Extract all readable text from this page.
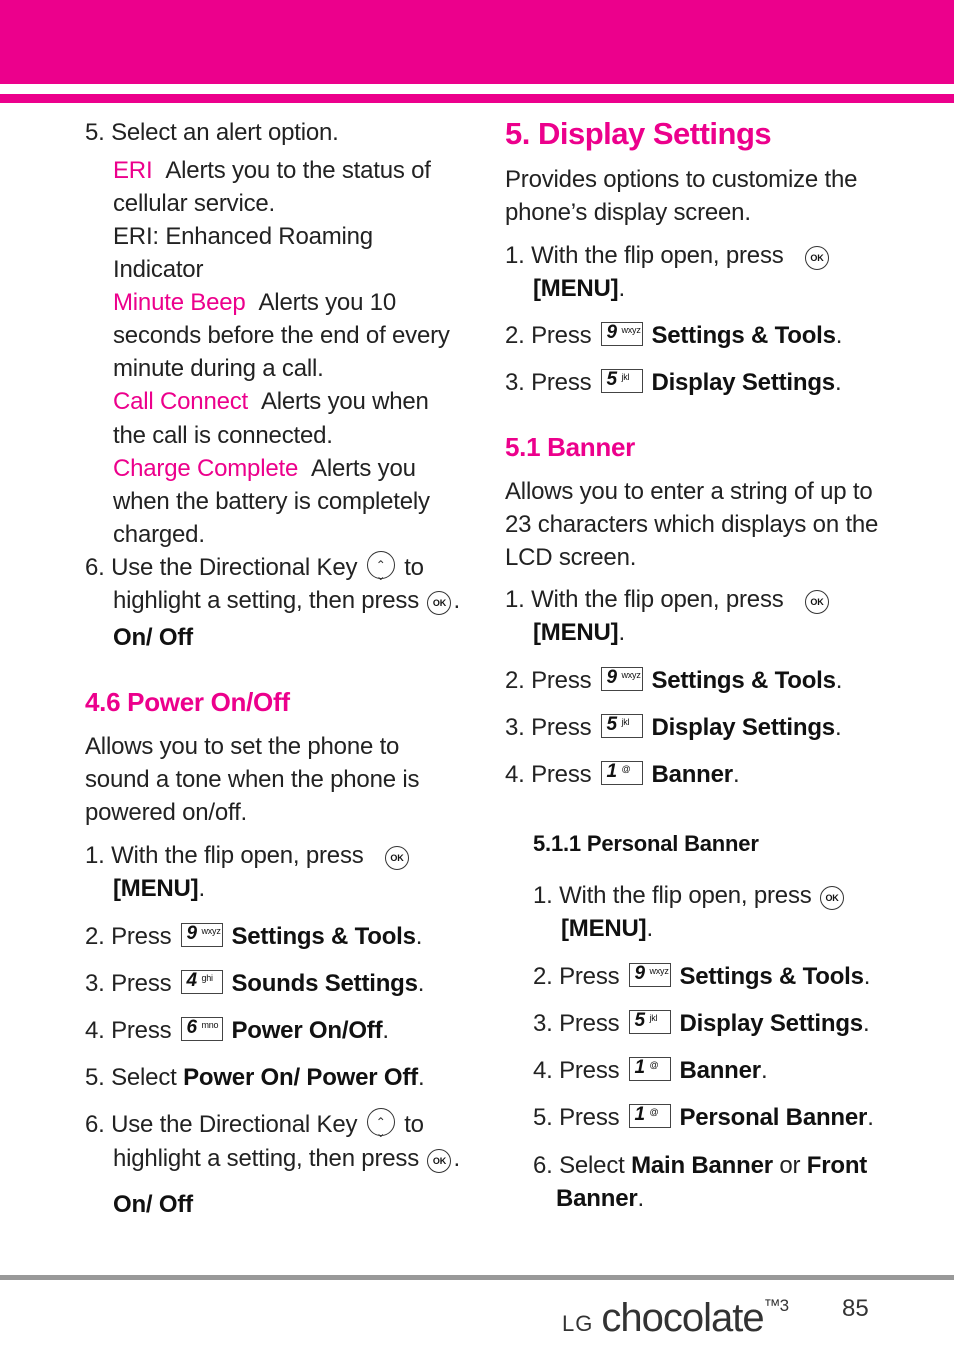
5. Select an alert option.
ERI Alerts you to the status of
cellular service.
ERI: Enhanced Roaming
Indicator
Minute Beep Alerts you 10
seconds before the end of every
minute during a call.
Call Connect Alerts you when
the call is connected.
Charge Complete Alerts you
when the battery is completely
charged.
6. Use the Directional Key ⌃ ⌄ to
highlight a setting, then press OK .
On/ Off
4.6 Power On/Off
Allows you to set the phone to
sound a tone when the phone is
powered on/off.
1. With the flip open, press	OK
[MENU].
2. Press 9 wxyz Settings & Tools.
3. Press 4 ghi Sounds Settings.
4. Press 6 mno Power On/Off.
5. Select Power On/ Power Off.
6. Use the Directional Key ⌃ ⌄ to
highlight a setting, then press OK .
On/ Off
5. Display Settings
Provides options to customize the
phone’s display screen.
1. With the flip open, press	OK
[MENU].
2. Press 9 wxyz Settings & Tools.
3. Press 5 jkl Display Settings.
5.1 Banner
Allows you to enter a string of up to
23 characters which displays on the
LCD screen.
1. With the flip open, press	OK
[MENU].
2. Press 9 wxyz Settings & Tools.
3. Press 5 jkl Display Settings.
4. Press 1 @ Banner.
5.1.1 Personal Banner
1. With the flip open, press OK
[MENU].
2. Press 9 wxyz Settings & Tools.
3. Press 5 jkl Display Settings.
4. Press 1 @ Banner.
5. Press 1 @ Personal Banner.
6. Select Main Banner or Front
Banner.
LG chocolate$^{™3}$ 85
